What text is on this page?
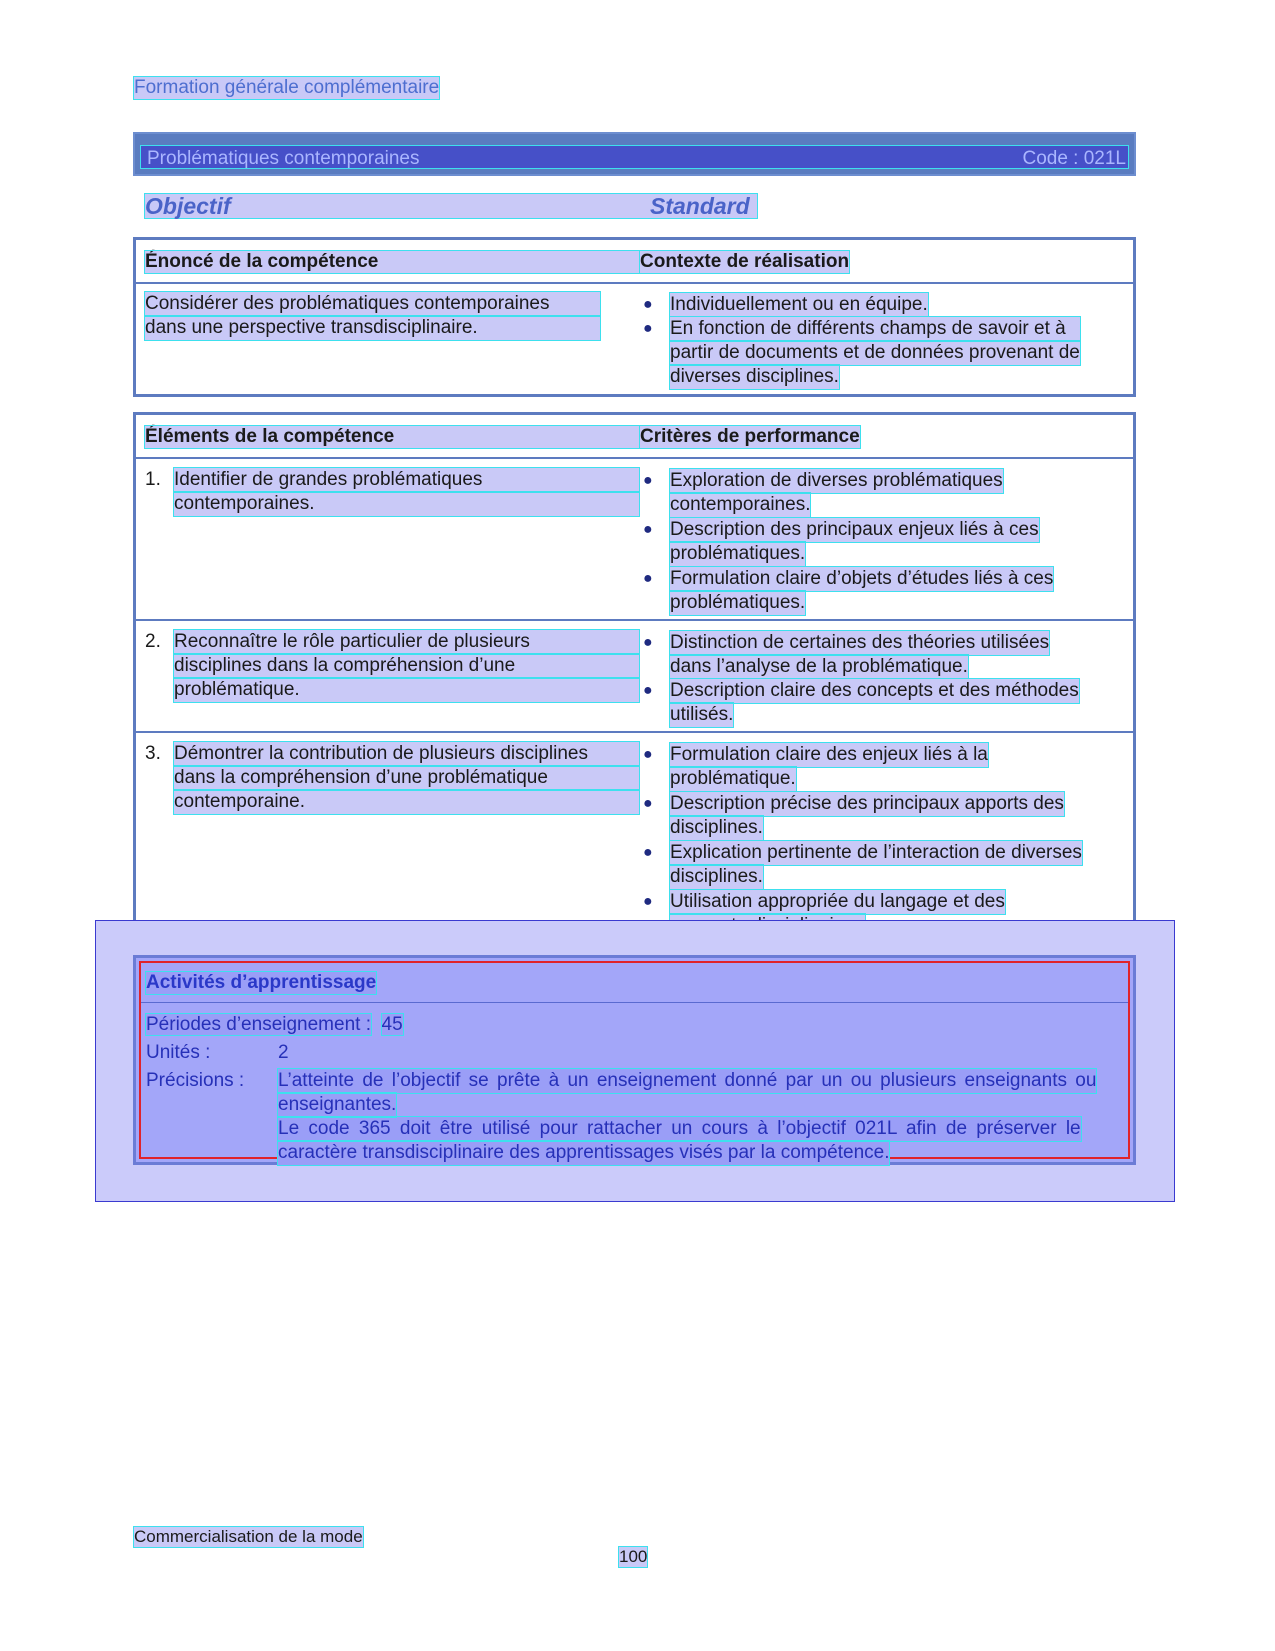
Formation générale complémentaire
Problématiques contemporaines	Code : 021L
Objectif	Standard
Énoncé de la compétence	Contexte de réalisation
Considérer des problématiques contemporaines
dans une perspective transdisciplinaire.
● Individuellement ou en équipe.
● En fonction de différents champs de savoir et à
partir de documents et de données provenant de
diverses disciplines.
Éléments de la compétence	Critères de performance
1. Identifier de grandes problématiques
contemporaines.
● Exploration de diverses problématiques
contemporaines.
● Description des principaux enjeux liés à ces
problématiques.
● Formulation claire d’objets d’études liés à ces
problématiques.
2. Reconnaître le rôle particulier de plusieurs
disciplines dans la compréhension d’une
problématique.
● Distinction de certaines des théories utilisées
dans l’analyse de la problématique.
● Description claire des concepts et des méthodes
utilisés.
3. Démontrer la contribution de plusieurs disciplines
dans la compréhension d’une problématique
contemporaine.
● Formulation claire des enjeux liés à la
problématique.
● Description précise des principaux apports des
disciplines.
● Explication pertinente de l’interaction de diverses
disciplines.
● Utilisation appropriée du langage et des
Activités d’apprentissage
Périodes d’enseignement : 45
Unités :	2
Précisions : L’atteinte de l’objectif se prête à un enseignement donné par un ou plusieurs enseignants ou
enseignantes.
Le code 365 doit être utilisé pour rattacher un cours à l’objectif 021L afin de préserver le
caractère transdisciplinaire des apprentissages visés par la compétence.
Commercialisation de la mode
100
